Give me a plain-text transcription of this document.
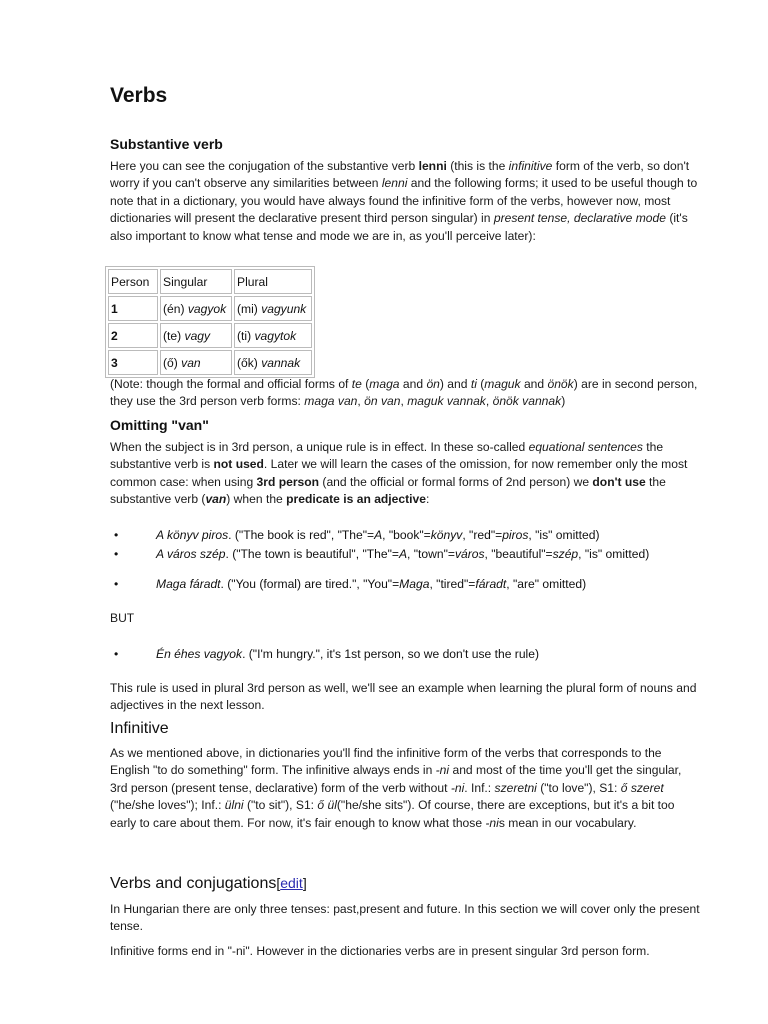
Verbs
Substantive verb

Here you can see the conjugation of the substantive verb lenni (this is the infinitive form of the verb, so don't worry if you can't observe any similarities between lenni and the following forms; it used to be useful though to note that in a dictionary, you would have always found the infinitive form of the verbs, however now, most dictionaries will present the declarative present third person singular) in present tense, declarative mode (it's also important to know what tense and mode we are in, as you'll perceive later):

Person	Singular	Plural
1	(én) vagyok	(mi) vagyunk
2	(te) vagy	(ti) vagytok
3	(ő) van	(ők) vannak

(Note: though the formal and official forms of te (maga and ön) and ti (maguk and önök) are in second person, they use the 3rd person verb forms: maga van, ön van, maguk vannak, önök vannak)

Omitting "van"

When the subject is in 3rd person, a unique rule is in effect. In these so-called equational sentences the substantive verb is not used. Later we will learn the cases of the omission, for now remember only the most common case: when using 3rd person (and the official or formal forms of 2nd person) we don't use the substantive verb (van) when the predicate is an adjective:

• A könyv piros. ("The book is red", "The"=A, "book"=könyv, "red"=piros, "is" omitted)
• A város szép. ("The town is beautiful", "The"=A, "town"=város, "beautiful"=szép, "is" omitted)
• Maga fáradt. ("You (formal) are tired.", "You"=Maga, "tired"=fáradt, "are" omitted)

BUT

• Én éhes vagyok. ("I'm hungry.", it's 1st person, so we don't use the rule)

This rule is used in plural 3rd person as well, we'll see an example when learning the plural form of nouns and adjectives in the next lesson.

Infinitive

As we mentioned above, in dictionaries you'll find the infinitive form of the verbs that corresponds to the English "to do something" form. The infinitive always ends in -ni and most of the time you'll get the singular, 3rd person (present tense, declarative) form of the verb without -ni. Inf.: szeretni ("to love"), S1: ő szeret ("he/she loves"); Inf.: ülni ("to sit"), S1: ő ül("he/she sits"). Of course, there are exceptions, but it's a bit too early to care about them. For now, it's fair enough to know what those -nis mean in our vocabulary.

Verbs and conjugations[edit]

In Hungarian there are only three tenses: past,present and future. In this section we will cover only the present tense.

Infinitive forms end in "-ni". However in the dictionaries verbs are in present singular 3rd person form.
